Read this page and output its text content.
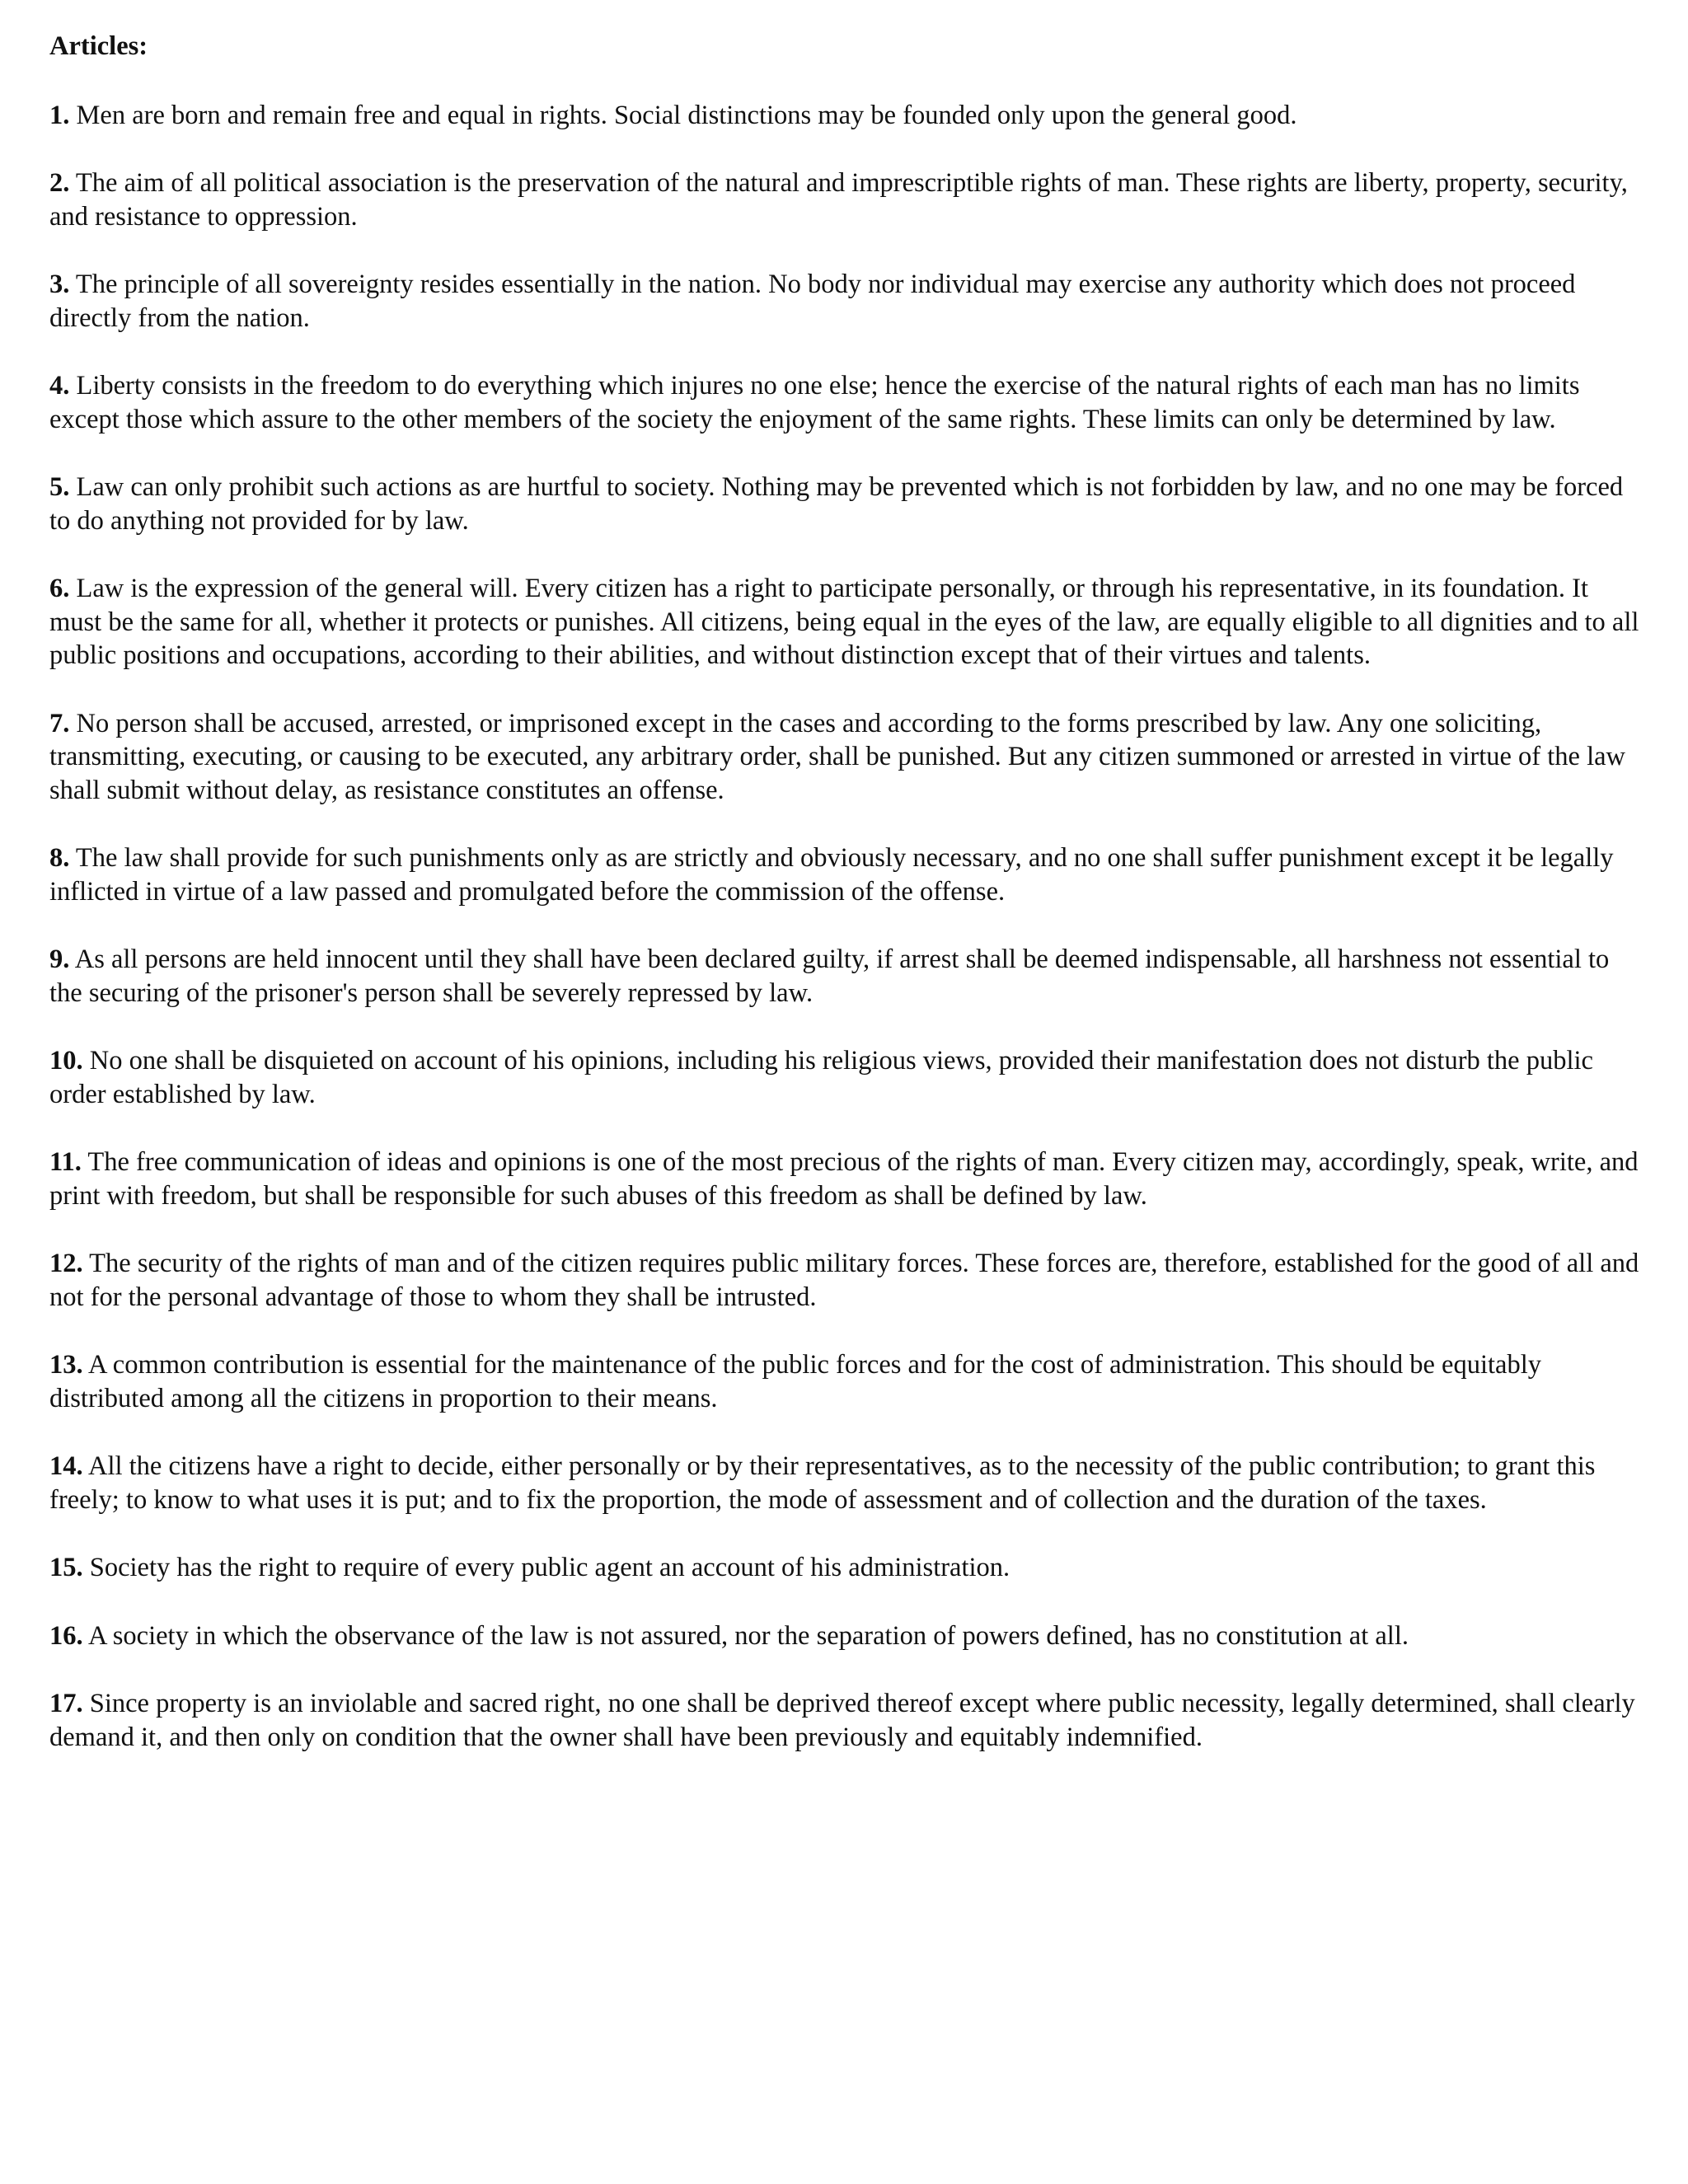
Articles:
1. Men are born and remain free and equal in rights. Social distinctions may be founded only upon the general good.
2. The aim of all political association is the preservation of the natural and imprescriptible rights of man. These rights are liberty, property, security, and resistance to oppression.
3. The principle of all sovereignty resides essentially in the nation. No body nor individual may exercise any authority which does not proceed directly from the nation.
4. Liberty consists in the freedom to do everything which injures no one else; hence the exercise of the natural rights of each man has no limits except those which assure to the other members of the society the enjoyment of the same rights. These limits can only be determined by law.
5. Law can only prohibit such actions as are hurtful to society. Nothing may be prevented which is not forbidden by law, and no one may be forced to do anything not provided for by law.
6. Law is the expression of the general will. Every citizen has a right to participate personally, or through his representative, in its foundation. It must be the same for all, whether it protects or punishes. All citizens, being equal in the eyes of the law, are equally eligible to all dignities and to all public positions and occupations, according to their abilities, and without distinction except that of their virtues and talents.
7. No person shall be accused, arrested, or imprisoned except in the cases and according to the forms prescribed by law. Any one soliciting, transmitting, executing, or causing to be executed, any arbitrary order, shall be punished. But any citizen summoned or arrested in virtue of the law shall submit without delay, as resistance constitutes an offense.
8. The law shall provide for such punishments only as are strictly and obviously necessary, and no one shall suffer punishment except it be legally inflicted in virtue of a law passed and promulgated before the commission of the offense.
9. As all persons are held innocent until they shall have been declared guilty, if arrest shall be deemed indispensable, all harshness not essential to the securing of the prisoner's person shall be severely repressed by law.
10. No one shall be disquieted on account of his opinions, including his religious views, provided their manifestation does not disturb the public order established by law.
11. The free communication of ideas and opinions is one of the most precious of the rights of man. Every citizen may, accordingly, speak, write, and print with freedom, but shall be responsible for such abuses of this freedom as shall be defined by law.
12. The security of the rights of man and of the citizen requires public military forces. These forces are, therefore, established for the good of all and not for the personal advantage of those to whom they shall be intrusted.
13. A common contribution is essential for the maintenance of the public forces and for the cost of administration. This should be equitably distributed among all the citizens in proportion to their means.
14. All the citizens have a right to decide, either personally or by their representatives, as to the necessity of the public contribution; to grant this freely; to know to what uses it is put; and to fix the proportion, the mode of assessment and of collection and the duration of the taxes.
15. Society has the right to require of every public agent an account of his administration.
16. A society in which the observance of the law is not assured, nor the separation of powers defined, has no constitution at all.
17. Since property is an inviolable and sacred right, no one shall be deprived thereof except where public necessity, legally determined, shall clearly demand it, and then only on condition that the owner shall have been previously and equitably indemnified.
